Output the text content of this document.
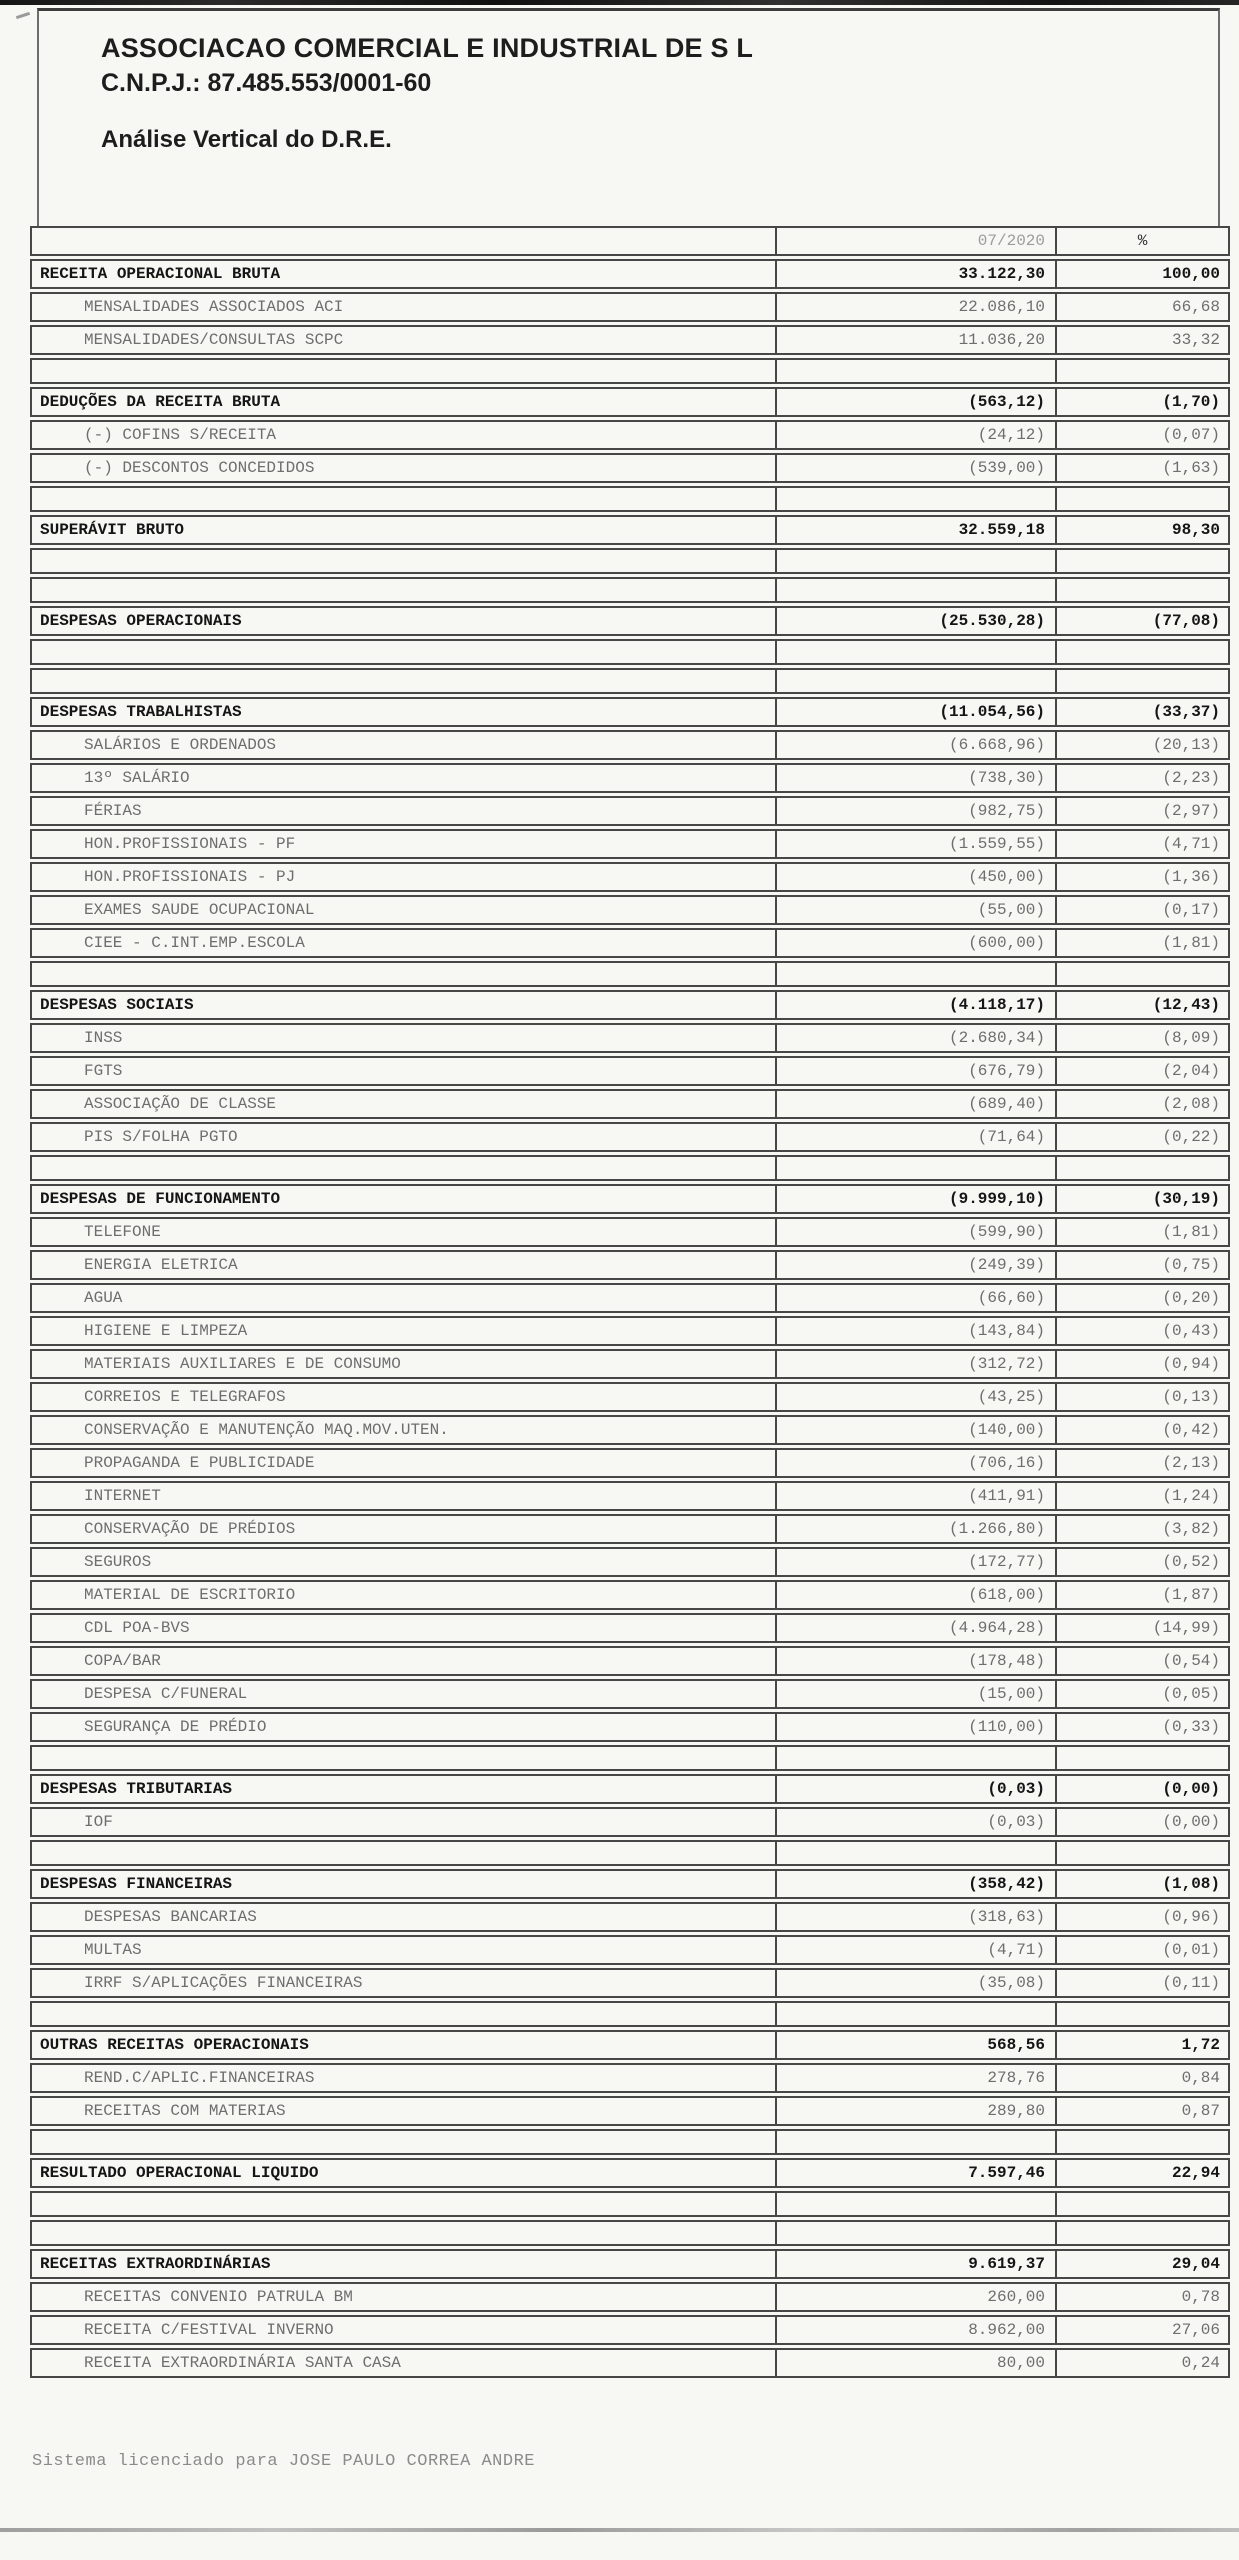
ASSOCIACAO COMERCIAL E INDUSTRIAL DE S L
C.N.P.J.: 87.485.553/0001-60
Análise Vertical do D.R.E.
07/2020	%
RECEITA OPERACIONAL BRUTA	33.122,30	100,00
MENSALIDADES ASSOCIADOS ACI	22.086,10	66,68
MENSALIDADES/CONSULTAS SCPC	11.036,20	33,32
DEDUÇÕES DA RECEITA BRUTA	(563,12)	(1,70)
(-) COFINS S/RECEITA	(24,12)	(0,07)
(-) DESCONTOS CONCEDIDOS	(539,00)	(1,63)
SUPERÁVIT BRUTO	32.559,18	98,30
DESPESAS OPERACIONAIS	(25.530,28)	(77,08)
DESPESAS TRABALHISTAS	(11.054,56)	(33,37)
SALÁRIOS E ORDENADOS	(6.668,96)	(20,13)
13º SALÁRIO	(738,30)	(2,23)
FÉRIAS	(982,75)	(2,97)
HON.PROFISSIONAIS - PF	(1.559,55)	(4,71)
HON.PROFISSIONAIS - PJ	(450,00)	(1,36)
EXAMES SAUDE OCUPACIONAL	(55,00)	(0,17)
CIEE - C.INT.EMP.ESCOLA	(600,00)	(1,81)
DESPESAS SOCIAIS	(4.118,17)	(12,43)
INSS	(2.680,34)	(8,09)
FGTS	(676,79)	(2,04)
ASSOCIAÇÃO DE CLASSE	(689,40)	(2,08)
PIS S/FOLHA PGTO	(71,64)	(0,22)
DESPESAS DE FUNCIONAMENTO	(9.999,10)	(30,19)
TELEFONE	(599,90)	(1,81)
ENERGIA ELETRICA	(249,39)	(0,75)
AGUA	(66,60)	(0,20)
HIGIENE E LIMPEZA	(143,84)	(0,43)
MATERIAIS AUXILIARES E DE CONSUMO	(312,72)	(0,94)
CORREIOS E TELEGRAFOS	(43,25)	(0,13)
CONSERVAÇÃO E MANUTENÇÃO MAQ.MOV.UTEN.	(140,00)	(0,42)
PROPAGANDA E PUBLICIDADE	(706,16)	(2,13)
INTERNET	(411,91)	(1,24)
CONSERVAÇÃO DE PRÉDIOS	(1.266,80)	(3,82)
SEGUROS	(172,77)	(0,52)
MATERIAL DE ESCRITORIO	(618,00)	(1,87)
CDL POA-BVS	(4.964,28)	(14,99)
COPA/BAR	(178,48)	(0,54)
DESPESA C/FUNERAL	(15,00)	(0,05)
SEGURANÇA DE PRÉDIO	(110,00)	(0,33)
DESPESAS TRIBUTARIAS	(0,03)	(0,00)
IOF	(0,03)	(0,00)
DESPESAS FINANCEIRAS	(358,42)	(1,08)
DESPESAS BANCARIAS	(318,63)	(0,96)
MULTAS	(4,71)	(0,01)
IRRF S/APLICAÇÕES FINANCEIRAS	(35,08)	(0,11)
OUTRAS RECEITAS OPERACIONAIS	568,56	1,72
REND.C/APLIC.FINANCEIRAS	278,76	0,84
RECEITAS COM MATERIAS	289,80	0,87
RESULTADO OPERACIONAL LIQUIDO	7.597,46	22,94
RECEITAS EXTRAORDINÁRIAS	9.619,37	29,04
RECEITAS CONVENIO PATRULA BM	260,00	0,78
RECEITA C/FESTIVAL INVERNO	8.962,00	27,06
RECEITA EXTRAORDINÁRIA SANTA CASA	80,00	0,24
Sistema licenciado para JOSE PAULO CORREA ANDRE
